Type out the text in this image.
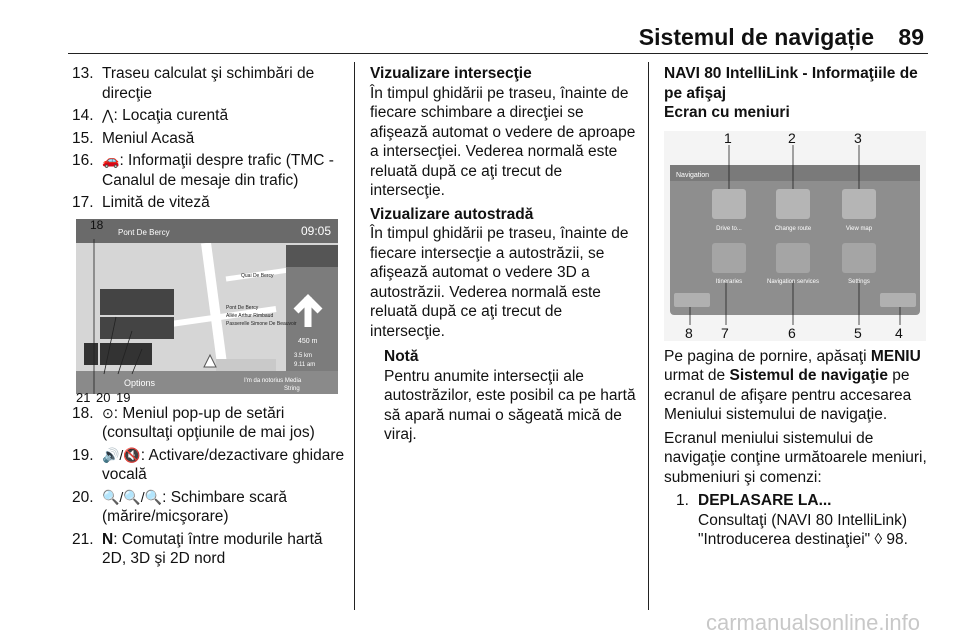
Sistemul de navigație 89
13. Traseu calculat şi schimbări de direcţie
14. ⋀: Locaţia curentă
15. Meniul Acasă
16. 🚗: Informaţii despre trafic (TMC - Canalul de mesaje din trafic)
17. Limită de viteză
Pont De Bercy	09:05
Quai De Bercy
Pont De Bercy
Allée Arthur Rimbaud
Passerelle Simone De Beauvoir
450 m
3.5 km
9.11 am
Options	I'm da notorius Media
String
18
21 20 19
18. ⊙: Meniul pop-up de setări (consultaţi opţiunile de mai jos)
19. 🔊/🔇: Activare/dezactivare ghidare vocală
20. 🔍/🔍/🔍: Schimbare scară (mărire/micşorare)
21. N: Comutaţi între modurile hartă 2D, 3D şi 2D nord
Vizualizare intersecţie
În timpul ghidării pe traseu, înainte de fiecare schimbare a direcţiei se afişează automat o vedere de aproape a intersecţiei. Vederea normală este reluată după ce aţi trecut de intersecţie.
Vizualizare autostradă
În timpul ghidării pe traseu, înainte de fiecare intersecţie a autostrăzii, se afişează automat o vedere 3D a autostrăzii. Vederea normală este reluată după ce aţi trecut de intersecţie.
Notă
Pentru anumite intersecţii ale autostrăzilor, este posibil ca pe hartă să apară numai o săgeată mică de viraj.
NAVI 80 IntelliLink - Informaţiile de pe afişaj
Ecran cu meniuri
Navigation
Drive to...	Change route	View map
Itineraries	Navigation services	Settings
1	2	3
8 7	6	5 4
Pe pagina de pornire, apăsaţi MENIU urmat de Sistemul de navigaţie pe ecranul de afişare pentru accesarea Meniului sistemului de navigaţie.
Ecranul meniului sistemului de navigaţie conţine următoarele meniuri, submeniuri şi comenzi:
1. DEPLASARE LA...
Consultaţi (NAVI 80 IntelliLink) "Introducerea destinaţiei" ◊ 98.
carmanualsonline.info
